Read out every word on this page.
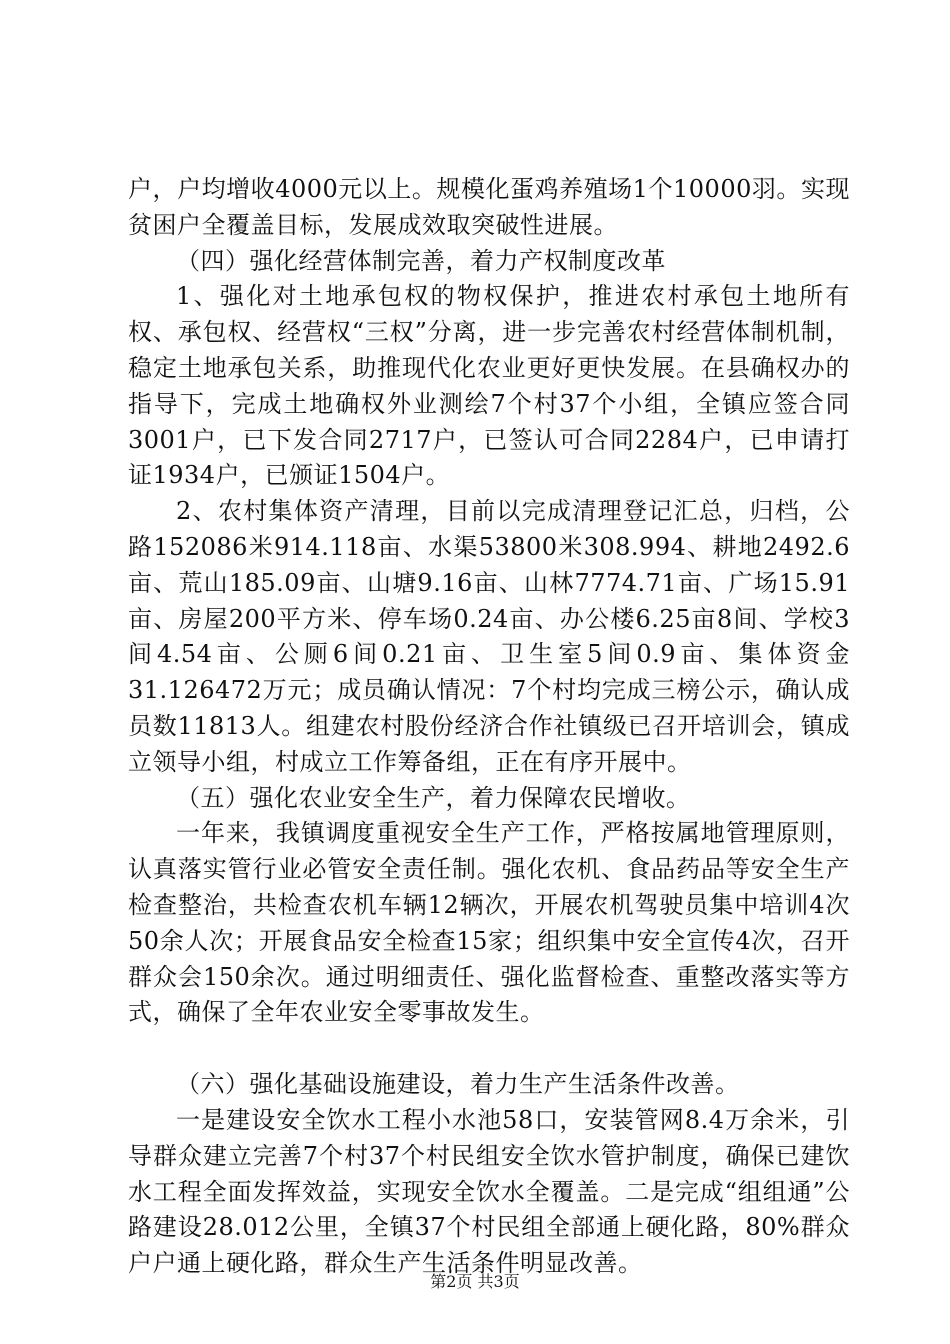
户，户均增收4000元以上。规模化蛋鸡养殖场1个10000羽。实现贫困户全覆盖目标，发展成效取突破性进展。

（四）强化经营体制完善，着力产权制度改革

1、强化对土地承包权的物权保护，推进农村承包土地所有权、承包权、经营权“三权”分离，进一步完善农村经营体制机制，稳定土地承包关系，助推现代化农业更好更快发展。在县确权办的指导下，完成土地确权外业测绘7个村37个小组，全镇应签合同3001户，已下发合同2717户，已签认可合同2284户，已申请打证1934户，已颁证1504户。

2、农村集体资产清理，目前以完成清理登记汇总，归档，公路152086米914.118亩、水渠53800米308.994、耕地2492.6亩、荒山185.09亩、山塘9.16亩、山林7774.71亩、广场15.91亩、房屋200平方米、停车场0.24亩、办公楼6.25亩8间、学校3间4.54亩、公厕6间0.21亩、卫生室5间0.9亩、集体资金31.126472万元；成员确认情况：7个村均完成三榜公示，确认成员数11813人。组建农村股份经济合作社镇级已召开培训会，镇成立领导小组，村成立工作筹备组，正在有序开展中。

（五）强化农业安全生产，着力保障农民增收。

一年来，我镇调度重视安全生产工作，严格按属地管理原则，认真落实管行业必管安全责任制。强化农机、食品药品等安全生产检查整治，共检查农机车辆12辆次，开展农机驾驶员集中培训4次50余人次；开展食品安全检查15家；组织集中安全宣传4次，召开群众会150余次。通过明细责任、强化监督检查、重整改落实等方式，确保了全年农业安全零事故发生。

（六）强化基础设施建设，着力生产生活条件改善。

一是建设安全饮水工程小水池58口，安装管网8.4万余米，引导群众建立完善7个村37个村民组安全饮水管护制度，确保已建饮水工程全面发挥效益，实现安全饮水全覆盖。二是完成“组组通”公路建设28.012公里，全镇37个村民组全部通上硬化路，80%群众户户通上硬化路，群众生产生活条件明显改善。

第2页 共3页
